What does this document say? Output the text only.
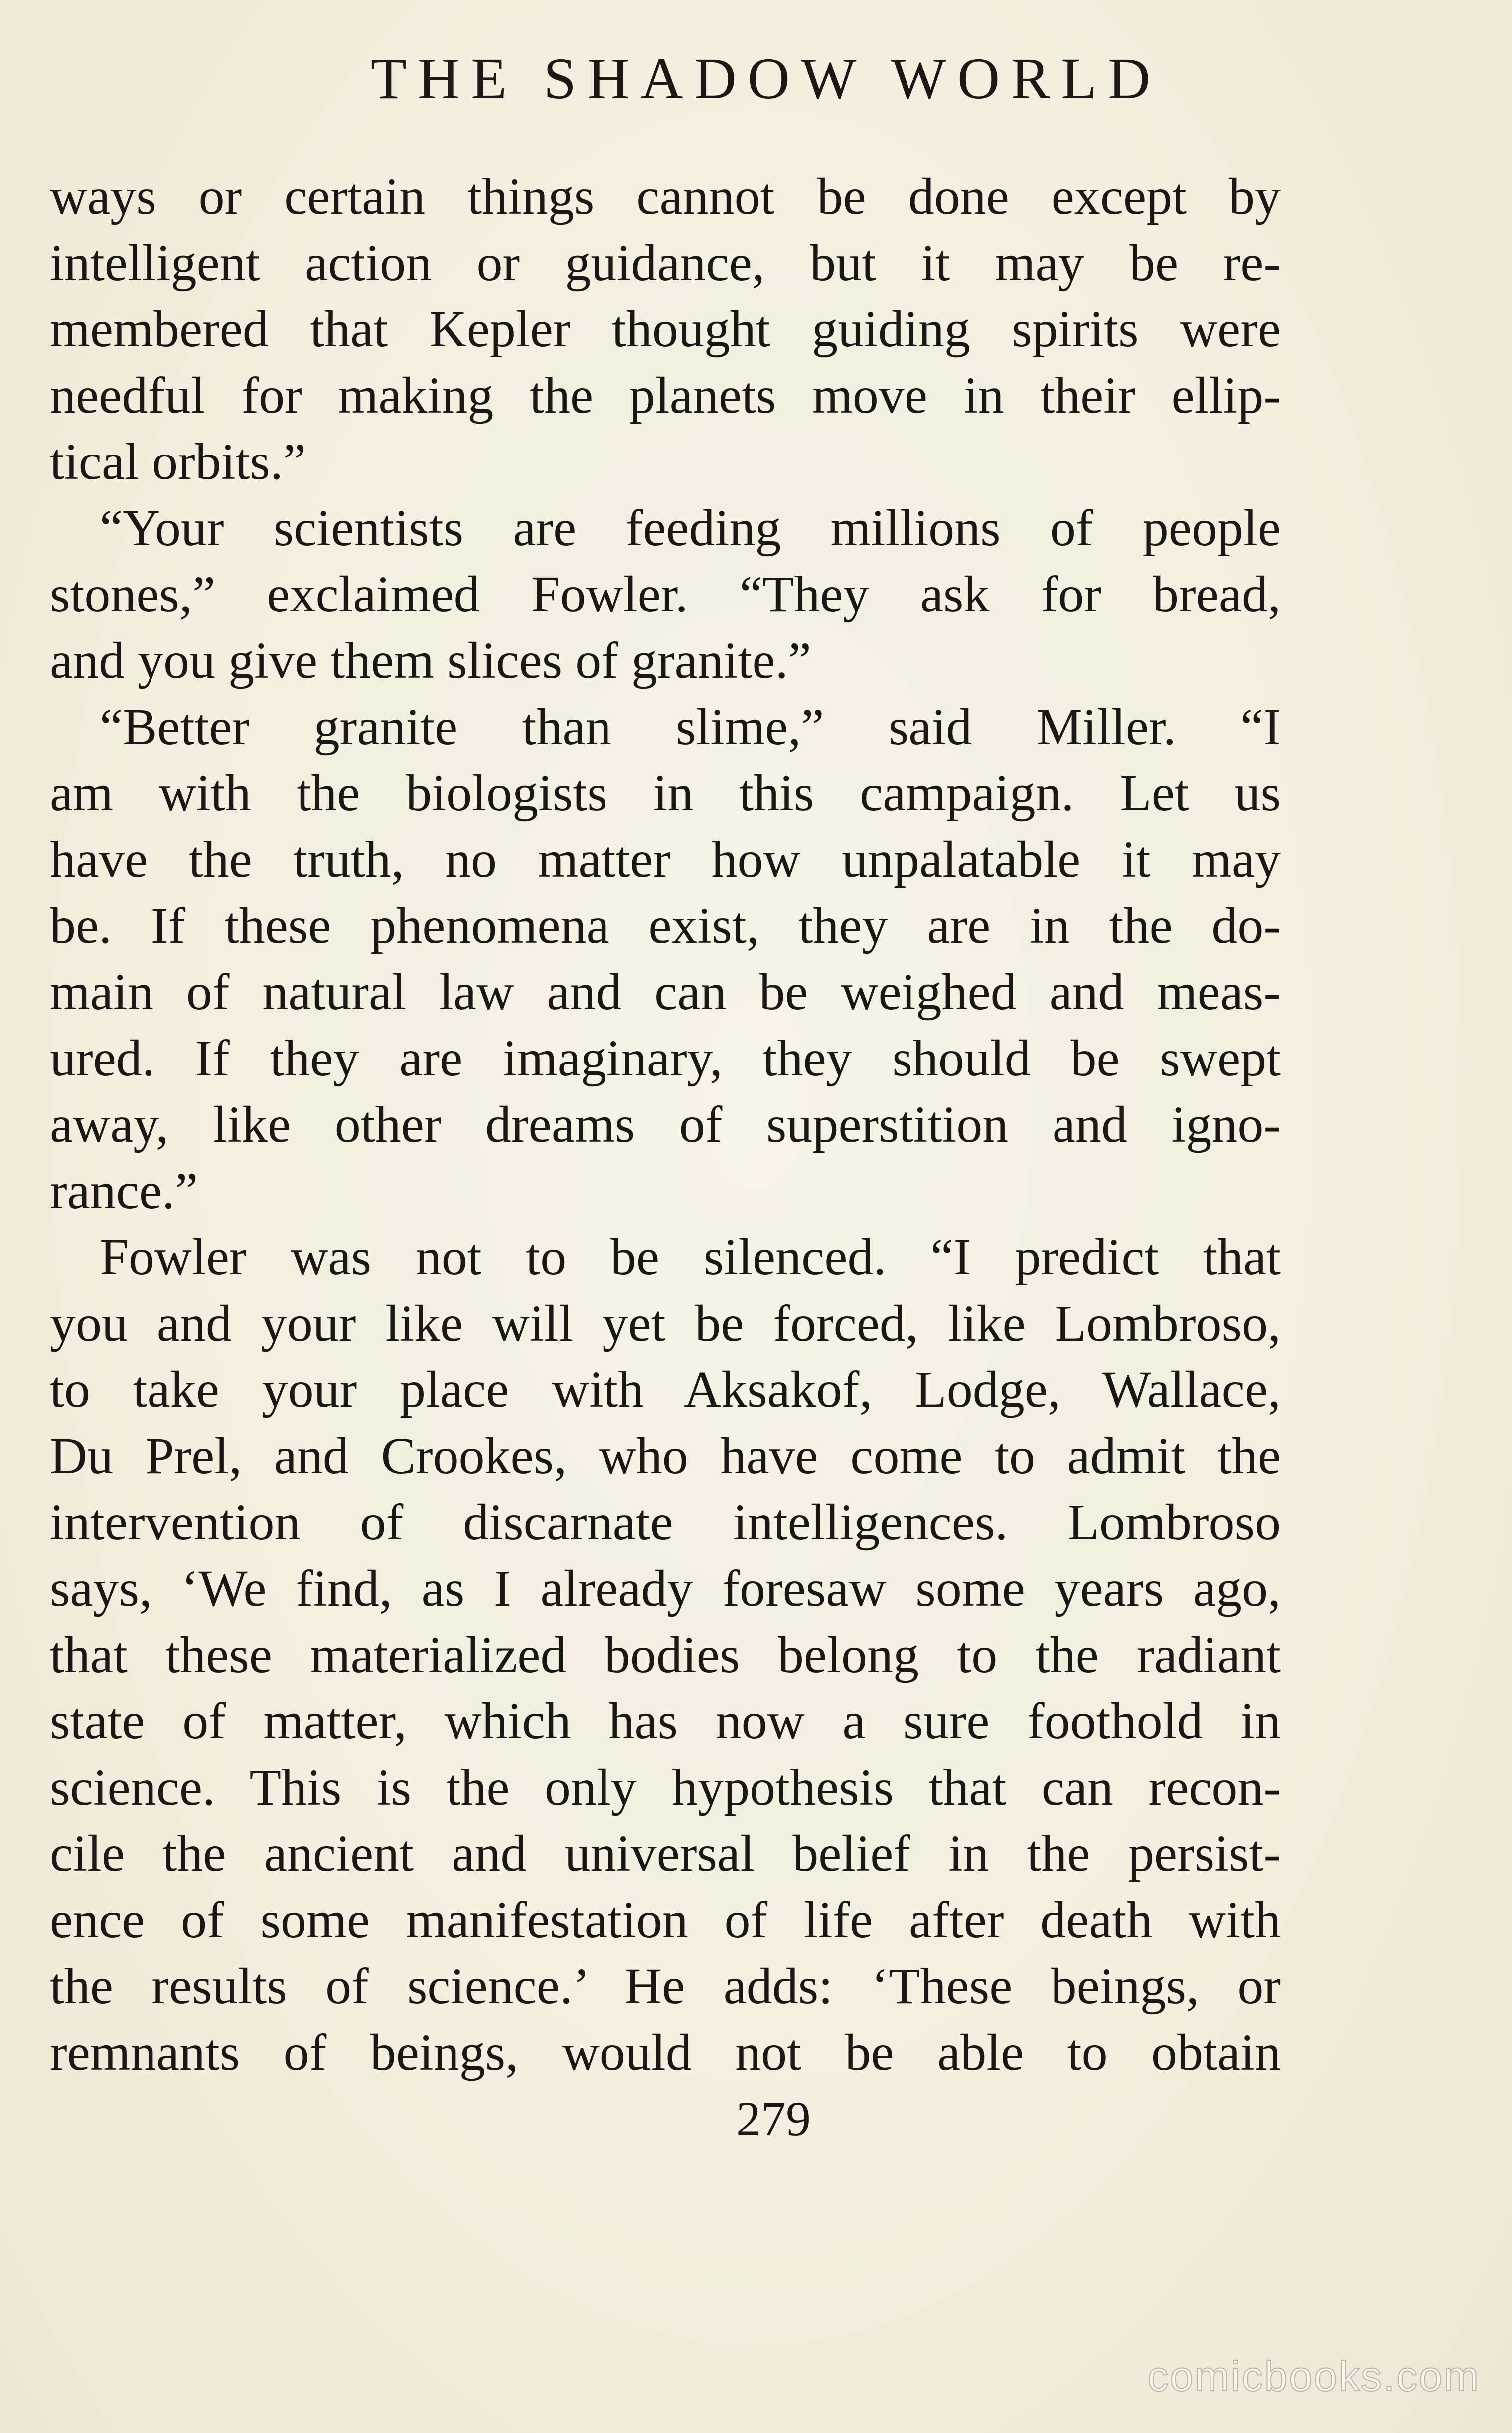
THE SHADOW WORLD
ways or certain things cannot be done except by
intelligent action or guidance, but it may be re-
membered that Kepler thought guiding spirits were
needful for making the planets move in their ellip-
tical orbits.”
“Your scientists are feeding millions of people
stones,” exclaimed Fowler. “They ask for bread,
and you give them slices of granite.”
“Better granite than slime,” said Miller. “I
am with the biologists in this campaign. Let us
have the truth, no matter how unpalatable it may
be. If these phenomena exist, they are in the do-
main of natural law and can be weighed and meas-
ured. If they are imaginary, they should be swept
away, like other dreams of superstition and igno-
rance.”
Fowler was not to be silenced. “I predict that
you and your like will yet be forced, like Lombroso,
to take your place with Aksakof, Lodge, Wallace,
Du Prel, and Crookes, who have come to admit the
intervention of discarnate intelligences. Lombroso
says, ‘We find, as I already foresaw some years ago,
that these materialized bodies belong to the radiant
state of matter, which has now a sure foothold in
science. This is the only hypothesis that can recon-
cile the ancient and universal belief in the persist-
ence of some manifestation of life after death with
the results of science.’ He adds: ‘These beings, or
remnants of beings, would not be able to obtain
279
comicbooks.com
